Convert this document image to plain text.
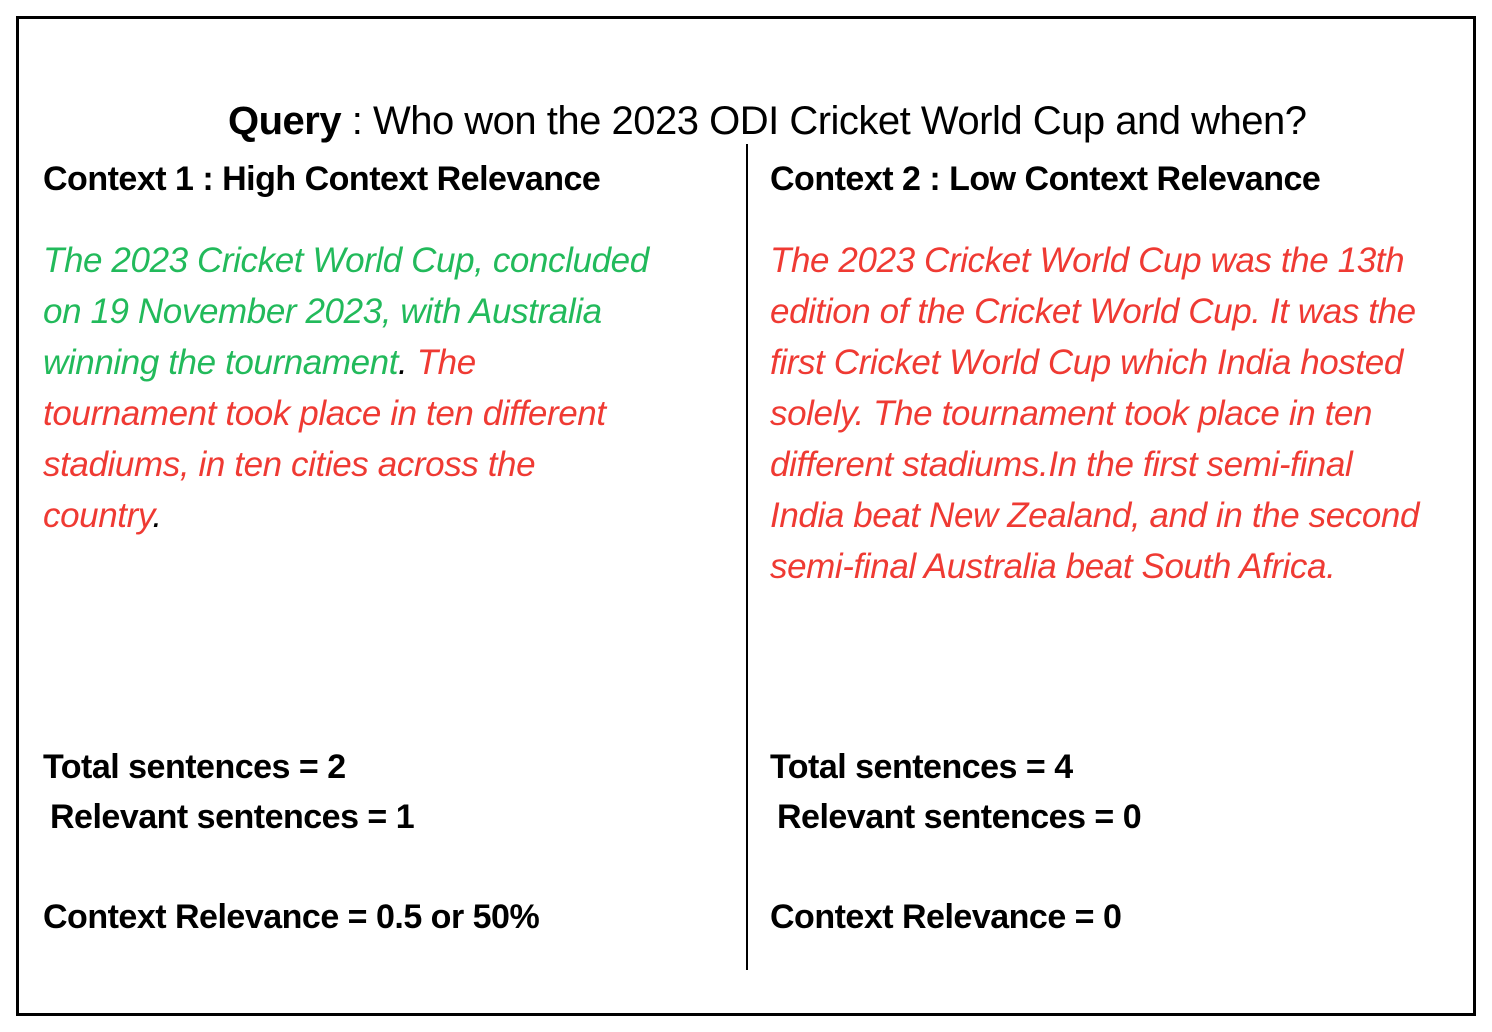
Query : Who won the 2023 ODI Cricket World Cup and when?

Context 1 : High Context Relevance
The 2023 Cricket World Cup, concluded on 19 November 2023, with Australia winning the tournament. The tournament took place in ten different stadiums, in ten cities across the country.
Context 2 : Low Context Relevance
The 2023 Cricket World Cup was the 13th edition of the Cricket World Cup. It was the first Cricket World Cup which India hosted solely. The tournament took place in ten different stadiums.In the first semi-final India beat New Zealand, and in the second semi-final Australia beat South Africa.
Total sentences = 2
Relevant sentences = 1
Context Relevance = 0.5 or 50%
Total sentences = 4
Relevant sentences = 0
Context Relevance = 0
